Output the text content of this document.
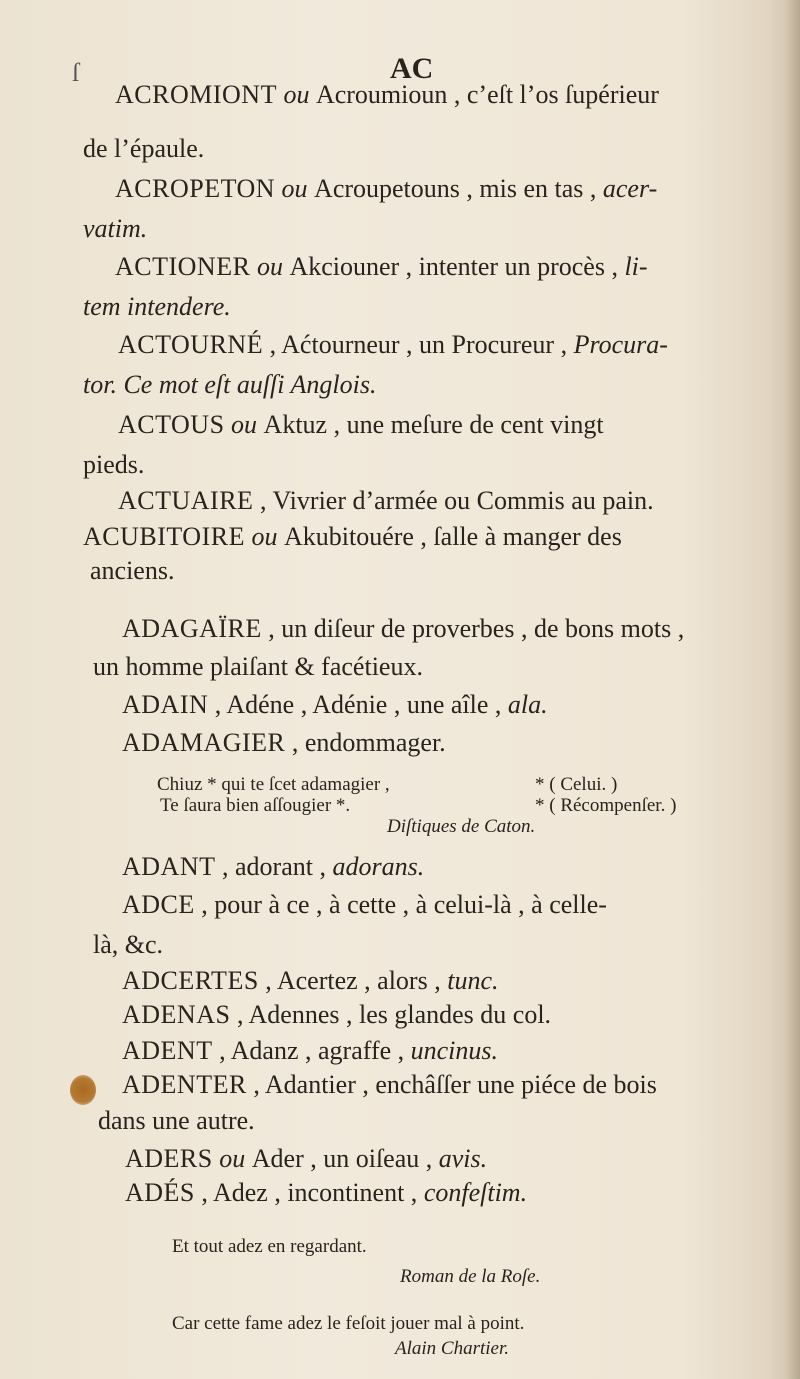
ſ	AC
ACROMIONT ou Acroumioun , c’eſt l’os ſupérieur
de l’épaule.
ACROPETON ou Acroupetouns , mis en tas , acer-
vatim.
ACTIONER ou Akciouner , intenter un procès , li-
tem intendere.
ACTOURNÉ , Aćtourneur , un Procureur , Procura-
tor. Ce mot eſt auſſi Anglois.
ACTOUS ou Aktuz , une meſure de cent vingt
pieds.
ACTUAIRE , Vivrier d’armée ou Commis au pain.
ACUBITOIRE ou Akubitouére , ſalle à manger des
anciens.
ADAGAÏRE , un diſeur de proverbes , de bons mots ,
un homme plaiſant & facétieux.
ADAIN , Adéne , Adénie , une aîle , ala.
ADAMAGIER , endommager.
ADANT , adorant , adorans.
ADCE , pour à ce , à cette , à celui-là , à celle-
là, &c.
ADCERTES , Acertez , alors , tunc.
ADENAS , Adennes , les glandes du col.
ADENT , Adanz , agraffe , uncinus.
ADENTER , Adantier , enchâſſer une piéce de bois
dans une autre.
ADERS ou Ader , un oiſeau , avis.
ADÉS , Adez , incontinent , confeſtim.
Chiuz * qui te ſcet adamagier ,
Te ſaura bien aſſougier *.
* ( Celui. )
* ( Récompenſer. )
Diſtiques de Caton.
Et tout adez en regardant.
Roman de la Roſe.
Car cette fame adez le feſoit jouer mal à point.
Alain Chartier.
